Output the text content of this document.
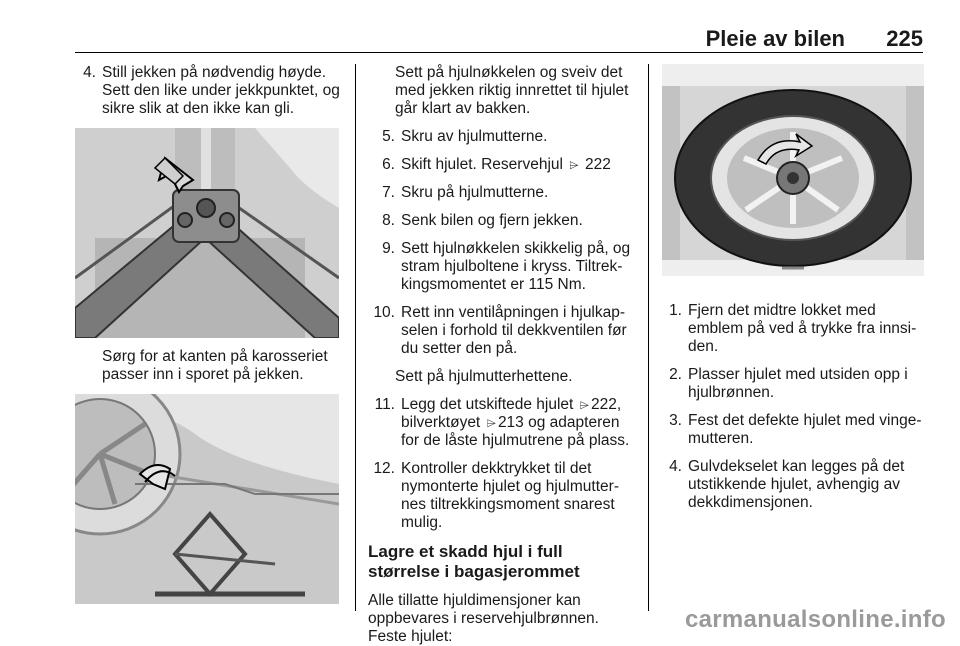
Pleie av bilen 225
4. Still jekken på nødvendig høyde. Sett den like under jekkpunktet, og sikre slik at den ikke kan gli.
Sørg for at kanten på karosseriet passer inn i sporet på jekken.
Sett på hjulnøkkelen og sveiv det med jekken riktig innrettet til hjulet går klart av bakken.
5. Skru av hjulmutterne.
6. Skift hjulet. Reservehjul ⌲ 222
7. Skru på hjulmutterne.
8. Senk bilen og fjern jekken.
9. Sett hjulnøkkelen skikkelig på, og stram hjulboltene i kryss. Tiltrekkingsmomentet er 115 Nm.
10. Rett inn ventilåpningen i hjulkapselen i forhold til dekkventilen før du setter den på.
Sett på hjulmutterhettene.
11. Legg det utskiftede hjulet ⌲ 222, bilverktøyet ⌲ 213 og adapteren for de låste hjulmutrene på plass.
12. Kontroller dekktrykket til det nymonterte hjulet og hjulmutternes tiltrekkingsmoment snarest mulig.
Lagre et skadd hjul i full størrelse i bagasjerommet
Alle tillatte hjuldimensjoner kan oppbevares i reservehjulbrønnen. Feste hjulet:
1. Fjern det midtre lokket med emblem på ved å trykke fra innsiden.
2. Plasser hjulet med utsiden opp i hjulbrønnen.
3. Fest det defekte hjulet med vingemutteren.
4. Gulvdekselet kan legges på det utstikkende hjulet, avhengig av dekkdimensjonen.
carmanualsonline.info
